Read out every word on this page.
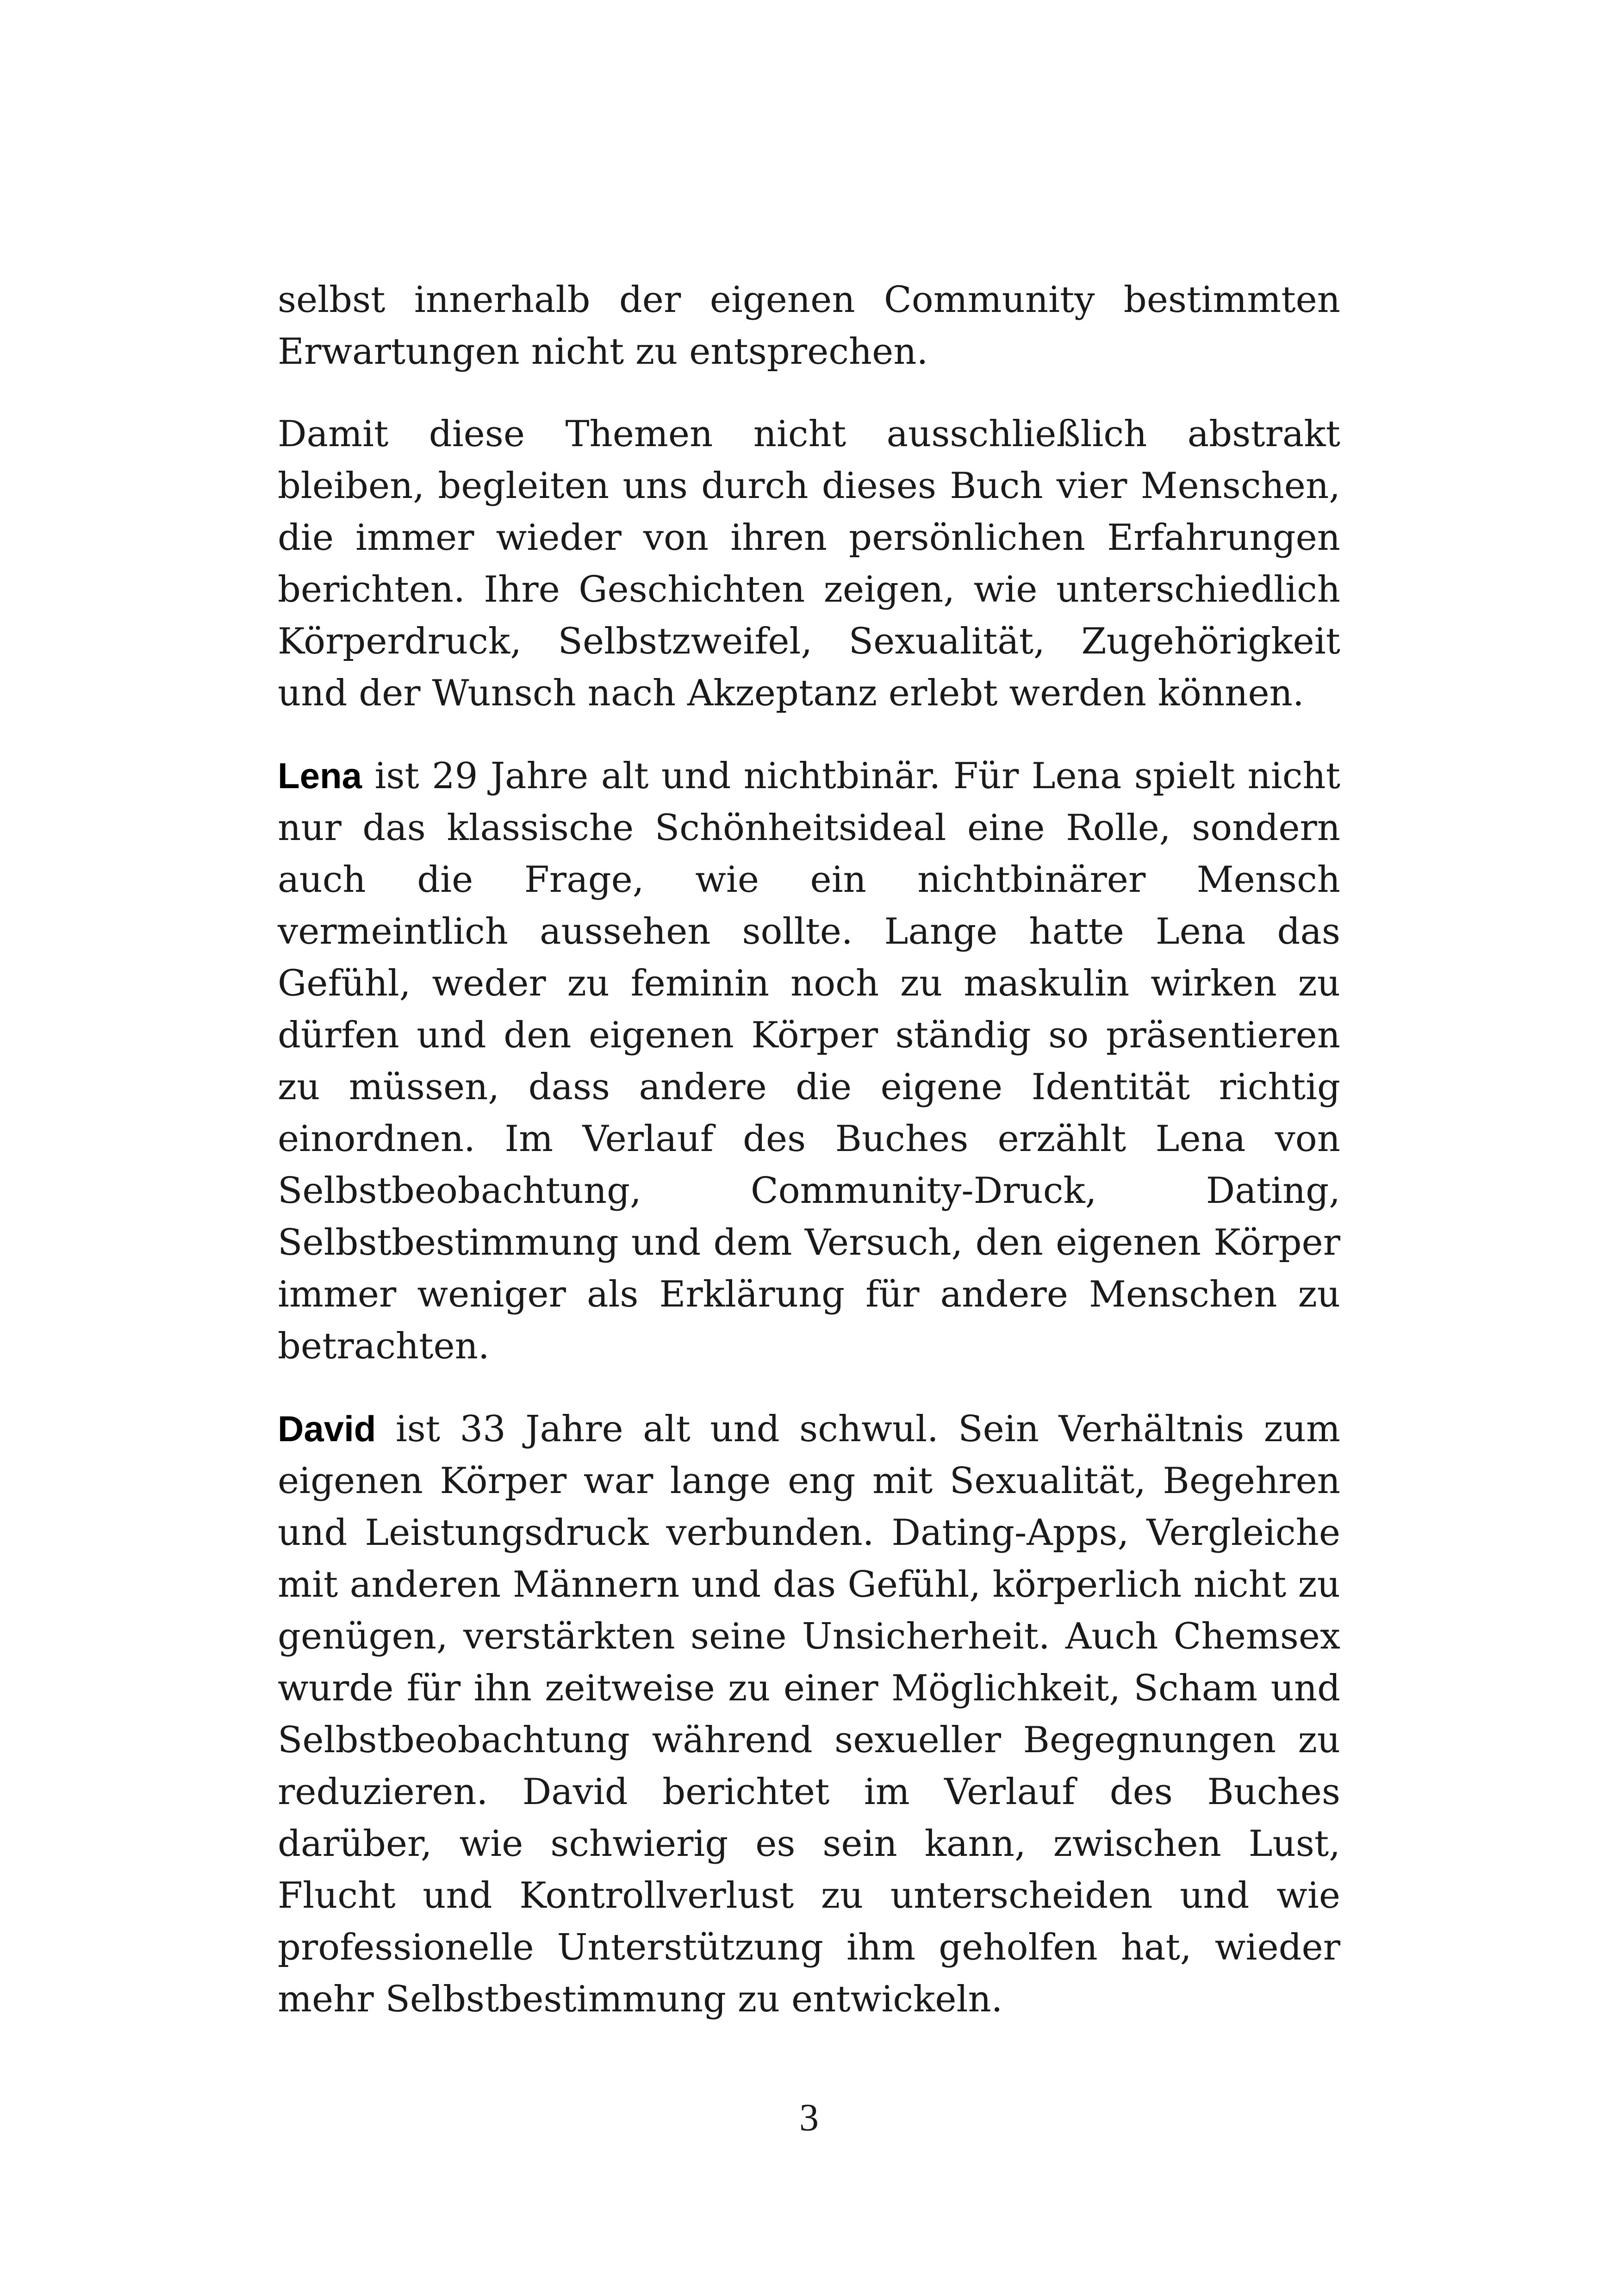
selbst innerhalb der eigenen Community bestimmten Erwartungen nicht zu entsprechen.

Damit diese Themen nicht ausschließlich abstrakt bleiben, begleiten uns durch dieses Buch vier Menschen, die immer wieder von ihren persönlichen Erfahrungen berichten. Ihre Geschichten zeigen, wie unterschiedlich Körperdruck, Selbstzweifel, Sexualität, Zugehörigkeit und der Wunsch nach Akzeptanz erlebt werden können.

Lena ist 29 Jahre alt und nichtbinär. Für Lena spielt nicht nur das klassische Schönheitsideal eine Rolle, sondern auch die Frage, wie ein nichtbinärer Mensch vermeintlich aussehen sollte. Lange hatte Lena das Gefühl, weder zu feminin noch zu maskulin wirken zu dürfen und den eigenen Körper ständig so präsentieren zu müssen, dass andere die eigene Identität richtig einordnen. Im Verlauf des Buches erzählt Lena von Selbstbeobachtung, Community-Druck, Dating, Selbstbestimmung und dem Versuch, den eigenen Körper immer weniger als Erklärung für andere Menschen zu betrachten.

David ist 33 Jahre alt und schwul. Sein Verhältnis zum eigenen Körper war lange eng mit Sexualität, Begehren und Leistungsdruck verbunden. Dating-Apps, Vergleiche mit anderen Männern und das Gefühl, körperlich nicht zu genügen, verstärkten seine Unsicherheit. Auch Chemsex wurde für ihn zeitweise zu einer Möglichkeit, Scham und Selbstbeobachtung während sexueller Begegnungen zu reduzieren. David berichtet im Verlauf des Buches darüber, wie schwierig es sein kann, zwischen Lust, Flucht und Kontrollverlust zu unterscheiden und wie professionelle Unterstützung ihm geholfen hat, wieder mehr Selbstbestimmung zu entwickeln.

3
